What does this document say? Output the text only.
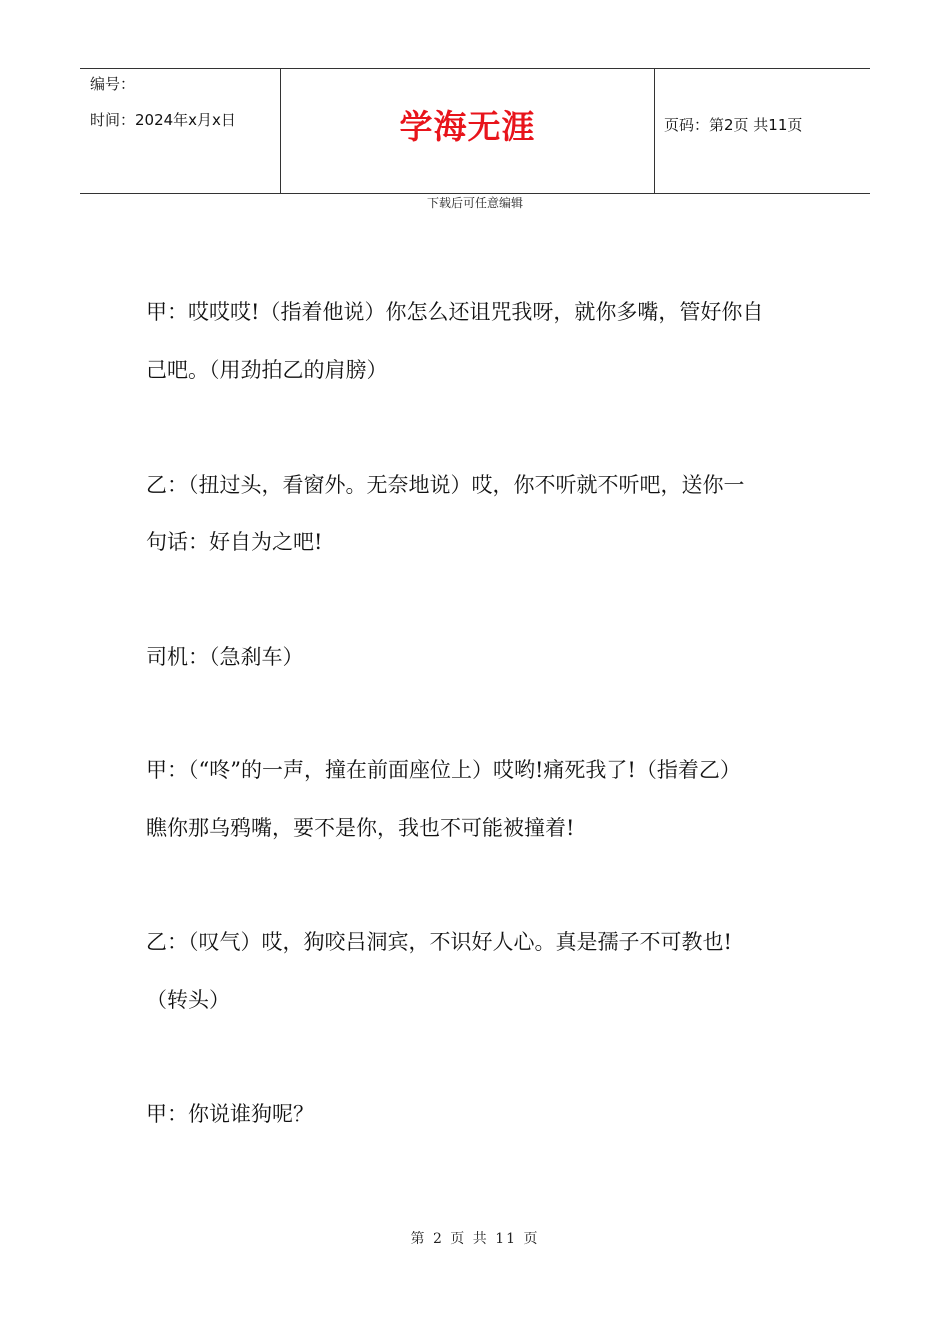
编号：
时间：2024年x月x日	学海无涯	页码：第2页 共11页
下载后可任意编辑
甲：哎哎哎!（指着他说）你怎么还诅咒我呀，就你多嘴，管好你自
己吧。（用劲拍乙的肩膀）
乙：（扭过头，看窗外。无奈地说）哎，你不听就不听吧，送你一
句话：好自为之吧!
司机：（急刹车）
甲：（“咚”的一声，撞在前面座位上）哎哟!痛死我了!（指着乙）
瞧你那乌鸦嘴，要不是你，我也不可能被撞着!
乙：（叹气）哎，狗咬吕洞宾，不识好人心。真是孺子不可教也!
（转头）
甲：你说谁狗呢？
第 2 页 共 11 页
